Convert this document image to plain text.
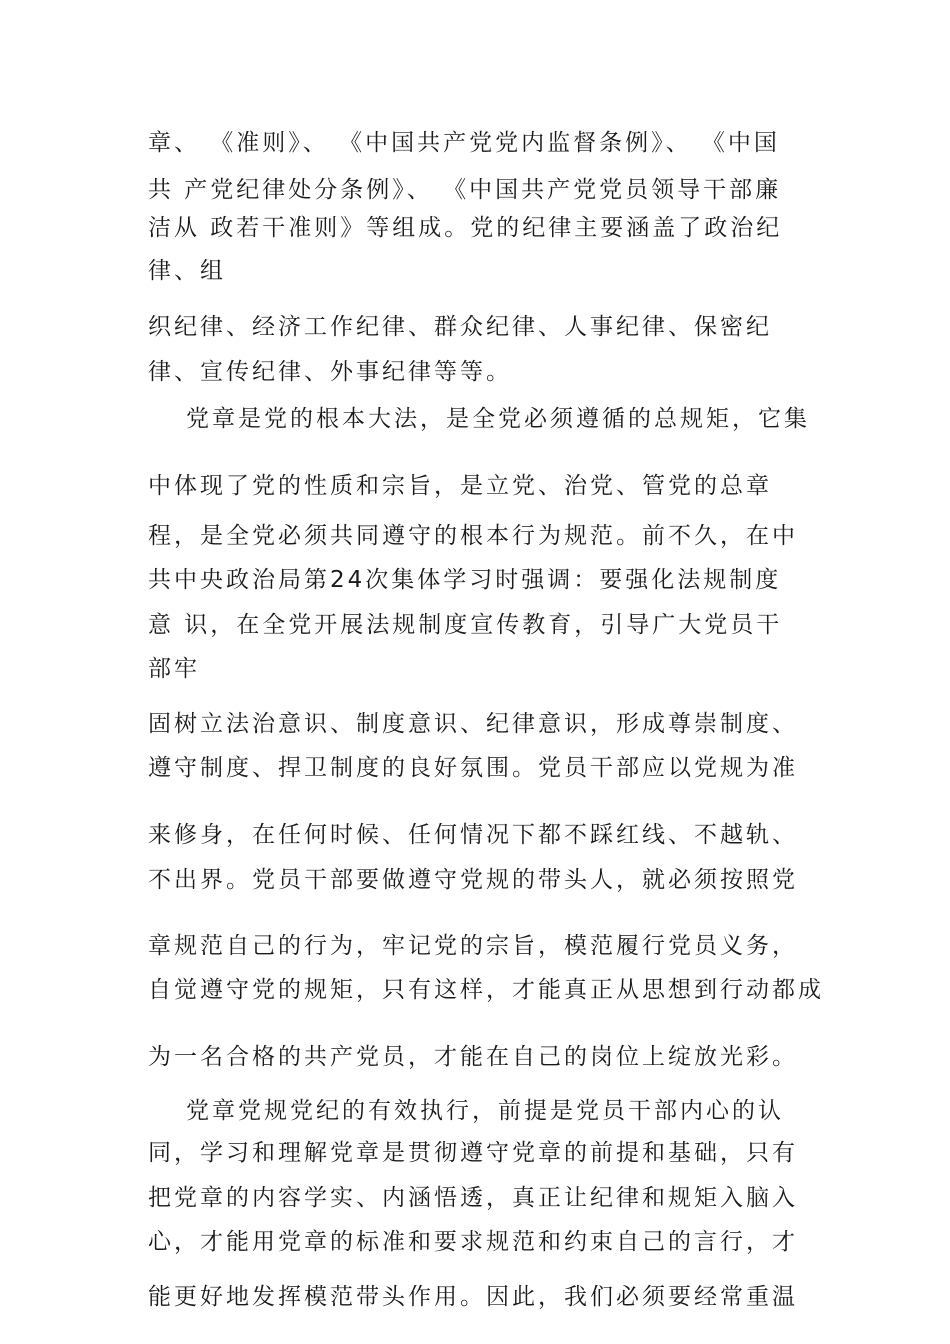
章、 《准则》、 《中国共产党党内监督条例》、 《中国
共 产党纪律处分条例》、 《中国共产党党员领导干部廉
洁从 政若干准则》等组成。党的纪律主要涵盖了政治纪
律、组
织纪律、经济工作纪律、群众纪律、人事纪律、保密纪
律、宣传纪律、外事纪律等等。
党章是党的根本大法，是全党必须遵循的总规矩，它集
中体现了党的性质和宗旨，是立党、治党、管党的总章
程，是全党必须共同遵守的根本行为规范。前不久，在中
共中央政治局第24次集体学习时强调：要强化法规制度
意 识，在全党开展法规制度宣传教育，引导广大党员干
部牢
固树立法治意识、制度意识、纪律意识，形成尊崇制度、
遵守制度、捍卫制度的良好氛围。党员干部应以党规为准
来修身，在任何时候、任何情况下都不踩红线、不越轨、
不出界。党员干部要做遵守党规的带头人，就必须按照党
章规范自己的行为，牢记党的宗旨，模范履行党员义务，
自觉遵守党的规矩，只有这样，才能真正从思想到行动都成
为一名合格的共产党员，才能在自己的岗位上绽放光彩。
党章党规党纪的有效执行，前提是党员干部内心的认
同，学习和理解党章是贯彻遵守党章的前提和基础，只有
把党章的内容学实、内涵悟透，真正让纪律和规矩入脑入
心，才能用党章的标准和要求规范和约束自己的言行，才
能更好地发挥模范带头作用。因此，我们必须要经常重温
